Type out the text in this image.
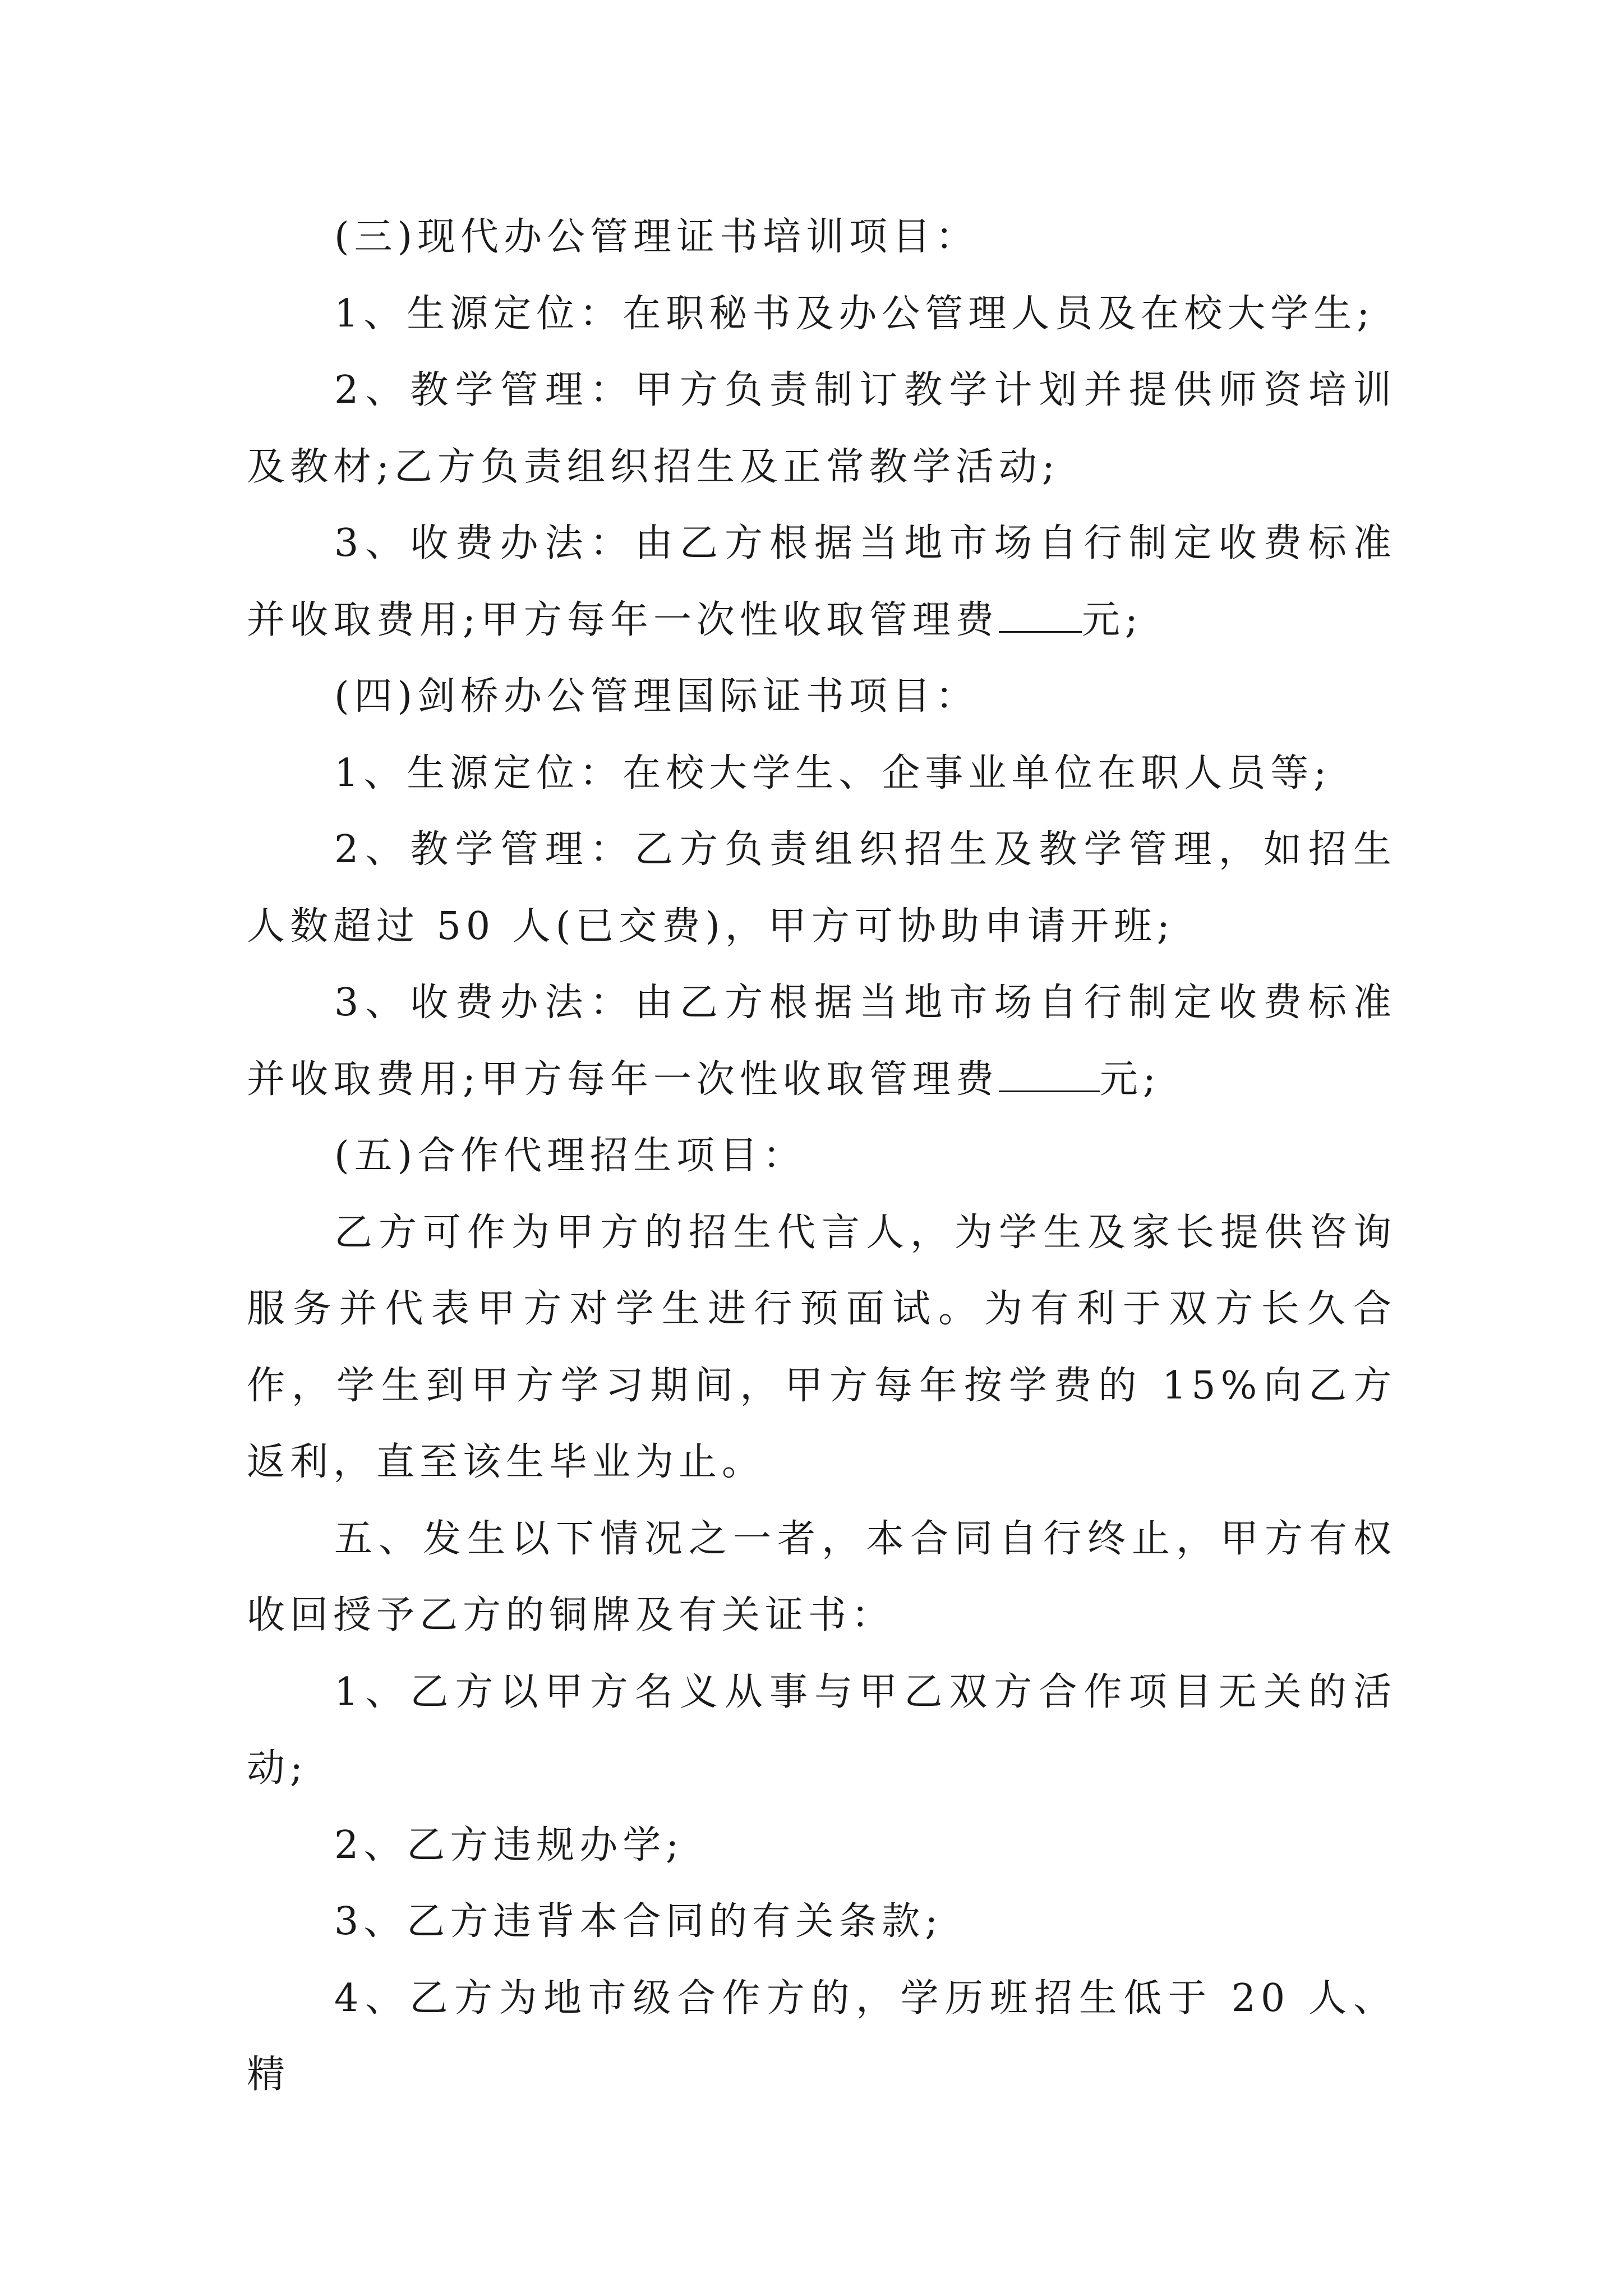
(三)现代办公管理证书培训项目：

1、生源定位：在职秘书及办公管理人员及在校大学生;

2、教学管理：甲方负责制订教学计划并提供师资培训及教材;乙方负责组织招生及正常教学活动;

3、收费办法：由乙方根据当地市场自行制定收费标准并收取费用;甲方每年一次性收取管理费 元;

(四)剑桥办公管理国际证书项目：

1、生源定位：在校大学生、企事业单位在职人员等;

2、教学管理：乙方负责组织招生及教学管理，如招生人数超过 50 人(已交费)，甲方可协助申请开班;

3、收费办法：由乙方根据当地市场自行制定收费标准并收取费用;甲方每年一次性收取管理费	元;

(五)合作代理招生项目：

乙方可作为甲方的招生代言人，为学生及家长提供咨询服务并代表甲方对学生进行预面试。为有利于双方长久合作，学生到甲方学习期间，甲方每年按学费的 15%向乙方返利，直至该生毕业为止。

五、发生以下情况之一者，本合同自行终止，甲方有权收回授予乙方的铜牌及有关证书：

1、乙方以甲方名义从事与甲乙双方合作项目无关的活动;

2、乙方违规办学;

3、乙方违背本合同的有关条款;

4、乙方为地市级合作方的，学历班招生低于 20 人、精
